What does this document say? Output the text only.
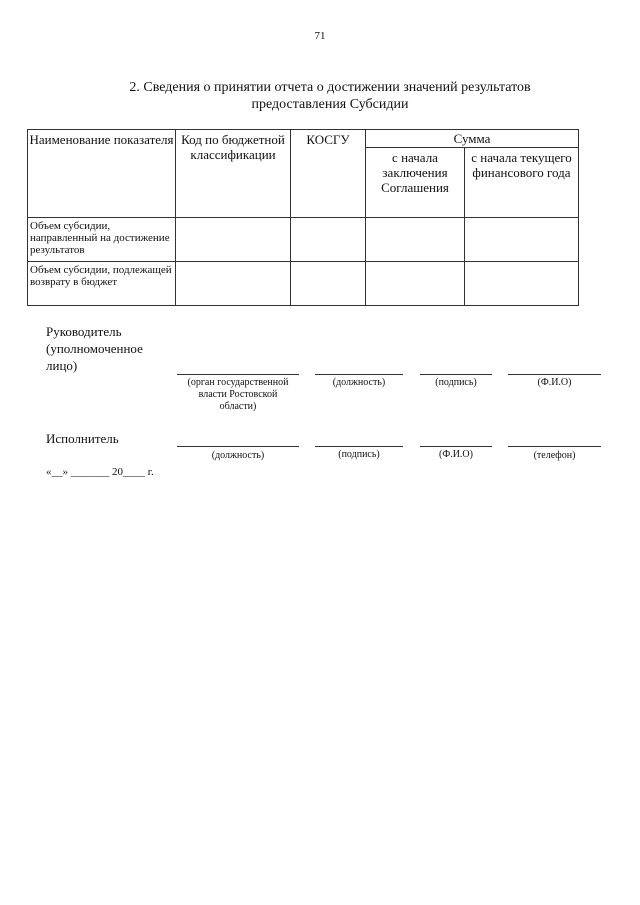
71
2. Сведения о принятии отчета о достижении значений результатов
предоставления Субсидии
Наименование показателя	Код по бюджетной классификации	КОСГУ	Сумма	
			с начала заключения Соглашения	с начала текущего финансового года
Объем субсидии, направленный на достижение результатов				
Объем субсидии, подлежащей возврату в бюджет				
Руководитель (уполномоченное лицо)
(орган государственной власти Ростовской области)
(должность)	(подпись)	(Ф.И.О)
Исполнитель
(должность)	(подпись)	(Ф.И.О)	(телефон)
«__» _______ 20____ г.
